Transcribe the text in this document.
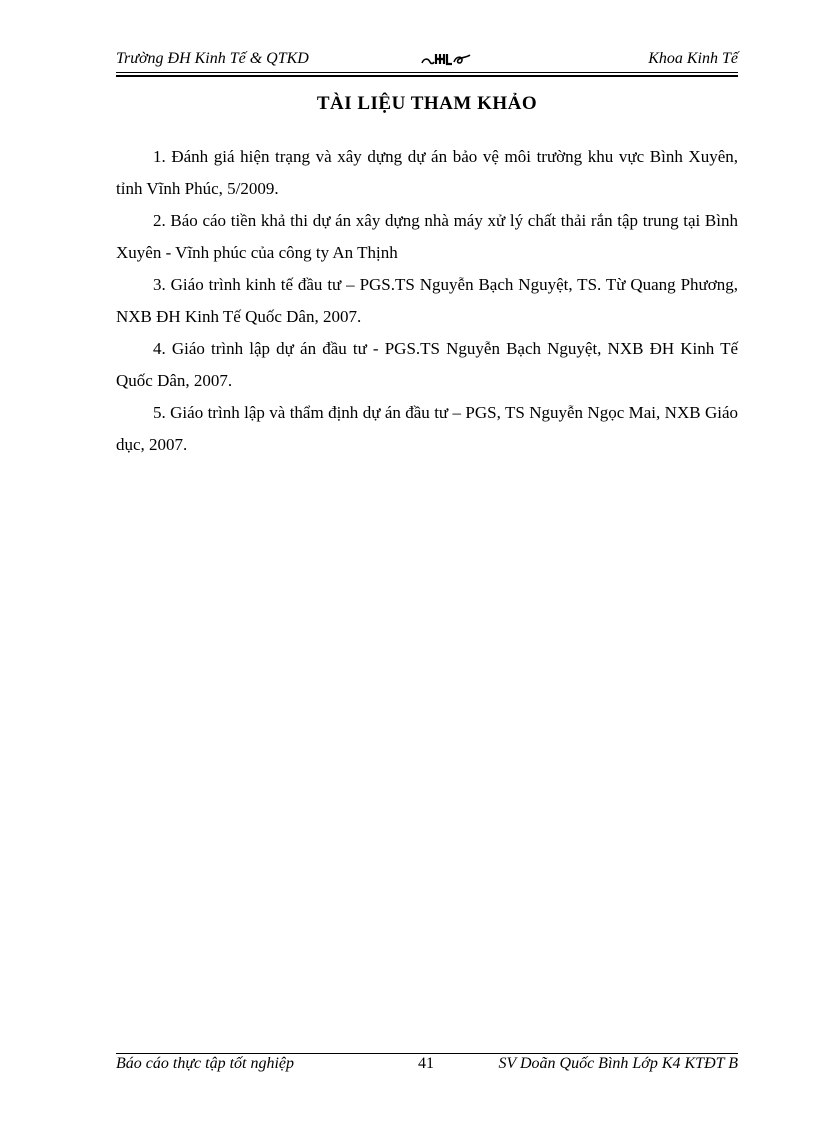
Trường ĐH Kinh Tế & QTKD	Khoa Kinh Tế
TÀI LIỆU THAM KHẢO

1. Đánh giá hiện trạng và xây dựng dự án bảo vệ môi trường khu vực Bình Xuyên, tỉnh Vĩnh Phúc, 5/2009.

2. Báo cáo tiền khả thi dự án xây dựng nhà máy xử lý chất thải rắn tập trung tại Bình Xuyên - Vĩnh phúc của công ty An Thịnh

3. Giáo trình kinh tế đầu tư – PGS.TS Nguyễn Bạch Nguyệt, TS. Từ Quang Phương, NXB ĐH Kinh Tế Quốc Dân, 2007.

4. Giáo trình lập dự án đầu tư - PGS.TS Nguyễn Bạch Nguyệt, NXB ĐH Kinh Tế Quốc Dân, 2007.

5. Giáo trình lập và thẩm định dự án đầu tư – PGS, TS Nguyễn Ngọc Mai, NXB Giáo dục, 2007.

Báo cáo thực tập tốt nghiệp	41	SV Doãn Quốc Bình Lớp K4 KTĐT B
